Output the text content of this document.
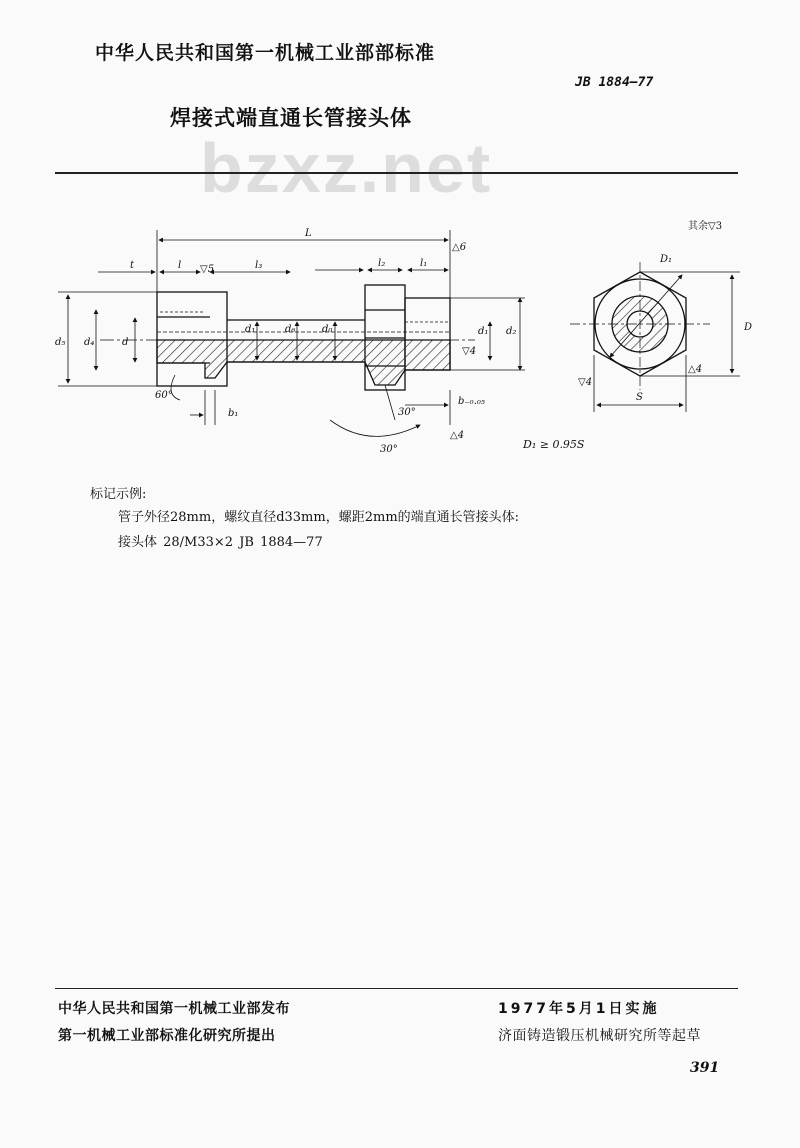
中华人民共和国第一机械工业部部标准
JB 1884—77
焊接式端直通长管接头体
bzxz.net
其余▽3
L
t	l	l₃	l₂	l₁
d₅ d₄	d
d₁	d₆	d₀	d₁ d₂
60°
b₁
b₋₀.₀₅
30°
30°
▽5
△6
▽4
△4
▽4
△4
D
D₁
S
D₁ ≥ 0.95S
标记示例:
管子外径28mm，螺纹直径d33mm，螺距2mm的端直通长管接头体:
接头体 28/M33×2 JB 1884—77
中华人民共和国第一机械工业部发布
第一机械工业部标准化研究所提出
1977年5月1日实施
济面铸造锻压机械研究所等起草
391
